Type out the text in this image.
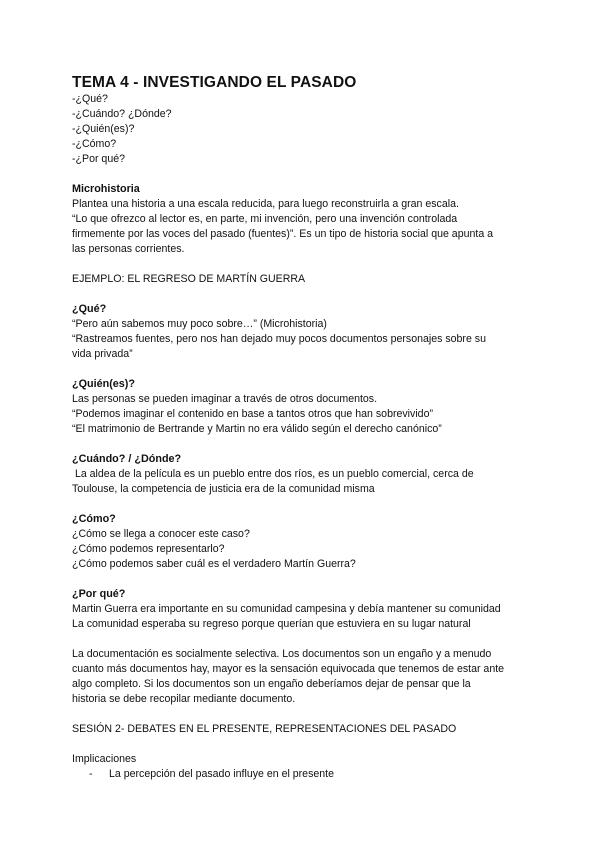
TEMA 4 - INVESTIGANDO EL PASADO

-¿Qué?

-¿Cuándo? ¿Dónde?

-¿Quién(es)?

-¿Cómo?

-¿Por qué?

Microhistoria

Plantea una historia a una escala reducida, para luego reconstruirla a gran escala.

“Lo que ofrezco al lector es, en parte, mi invención, pero una invención controlada

firmemente por las voces del pasado (fuentes)”. Es un tipo de historia social que apunta a

las personas corrientes.

EJEMPLO: EL REGRESO DE MARTÍN GUERRA

¿Qué?

“Pero aún sabemos muy poco sobre…” (Microhistoria)

“Rastreamos fuentes, pero nos han dejado muy pocos documentos personajes sobre su

vida privada”

¿Quién(es)?

Las personas se pueden imaginar a través de otros documentos.

“Podemos imaginar el contenido en base a tantos otros que han sobrevivido”

“El matrimonio de Bertrande y Martin no era válido según el derecho canónico”

¿Cuándo? / ¿Dónde?

La aldea de la película es un pueblo entre dos ríos, es un pueblo comercial, cerca de

Toulouse, la competencia de justicia era de la comunidad misma

¿Cómo?

¿Cómo se llega a conocer este caso?

¿Cómo podemos representarlo?

¿Cómo podemos saber cuál es el verdadero Martín Guerra?

¿Por qué?

Martin Guerra era importante en su comunidad campesina y debía mantener su comunidad

La comunidad esperaba su regreso porque querían que estuviera en su lugar natural

La documentación es socialmente selectiva. Los documentos son un engaño y a menudo

cuanto más documentos hay, mayor es la sensación equivocada que tenemos de estar ante

algo completo. Si los documentos son un engaño deberíamos dejar de pensar que la

historia se debe recopilar mediante documento.

SESIÓN 2- DEBATES EN EL PRESENTE, REPRESENTACIONES DEL PASADO

Implicaciones

- La percepción del pasado influye en el presente
